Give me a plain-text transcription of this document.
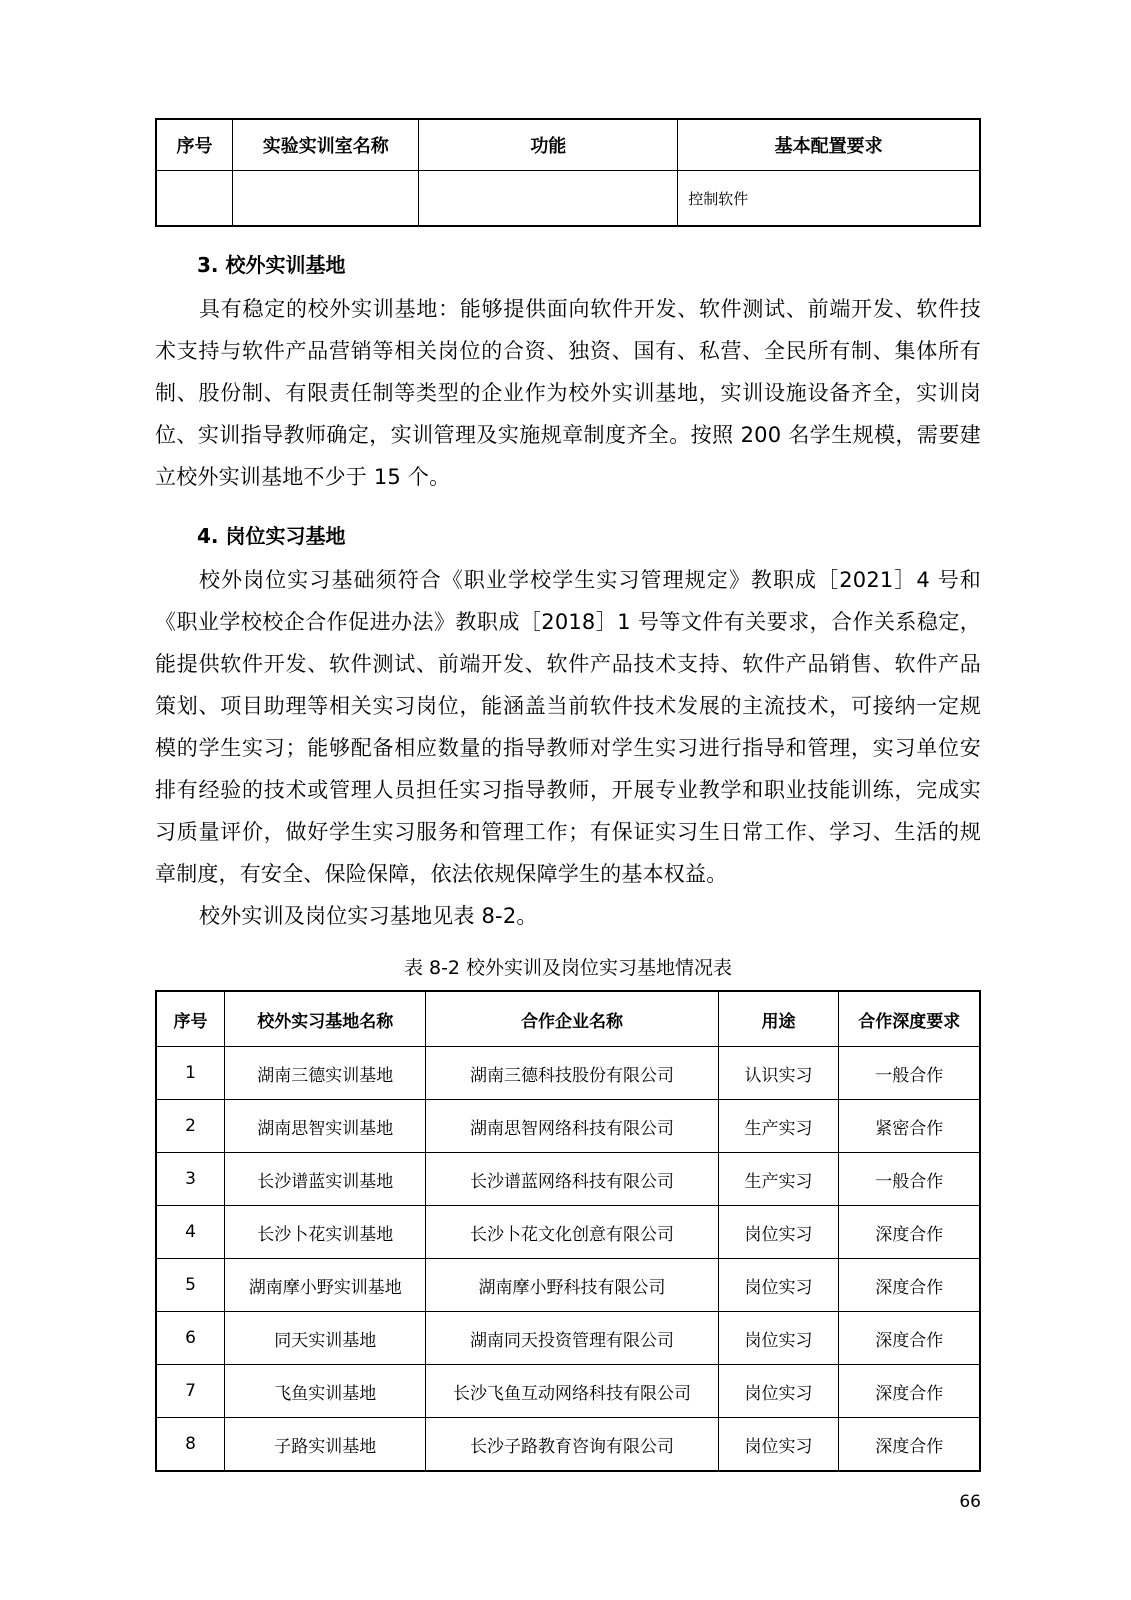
序号	实验实训室名称	功能	基本配置要求
			控制软件
3. 校外实训基地

具有稳定的校外实训基地：能够提供面向软件开发、软件测试、前端开发、软件技术支持与软件产品营销等相关岗位的合资、独资、国有、私营、全民所有制、集体所有制、股份制、有限责任制等类型的企业作为校外实训基地，实训设施设备齐全，实训岗位、实训指导教师确定，实训管理及实施规章制度齐全。按照 200 名学生规模，需要建立校外实训基地不少于 15 个。

4. 岗位实习基地

校外岗位实习基础须符合《职业学校学生实习管理规定》教职成［2021］4 号和《职业学校校企合作促进办法》教职成［2018］1 号等文件有关要求，合作关系稳定，能提供软件开发、软件测试、前端开发、软件产品技术支持、软件产品销售、软件产品策划、项目助理等相关实习岗位，能涵盖当前软件技术发展的主流技术，可接纳一定规模的学生实习；能够配备相应数量的指导教师对学生实习进行指导和管理，实习单位安排有经验的技术或管理人员担任实习指导教师，开展专业教学和职业技能训练，完成实习质量评价，做好学生实习服务和管理工作；有保证实习生日常工作、学习、生活的规章制度，有安全、保险保障，依法依规保障学生的基本权益。

校外实训及岗位实习基地见表 8-2。

表 8-2 校外实训及岗位实习基地情况表
序号	校外实习基地名称	合作企业名称	用途	合作深度要求
1	湖南三德实训基地	湖南三德科技股份有限公司	认识实习	一般合作
2	湖南思智实训基地	湖南思智网络科技有限公司	生产实习	紧密合作
3	长沙谱蓝实训基地	长沙谱蓝网络科技有限公司	生产实习	一般合作
4	长沙卜花实训基地	长沙卜花文化创意有限公司	岗位实习	深度合作
5	湖南摩小野实训基地	湖南摩小野科技有限公司	岗位实习	深度合作
6	同天实训基地	湖南同天投资管理有限公司	岗位实习	深度合作
7	飞鱼实训基地	长沙飞鱼互动网络科技有限公司	岗位实习	深度合作
8	子路实训基地	长沙子路教育咨询有限公司	岗位实习	深度合作
66
